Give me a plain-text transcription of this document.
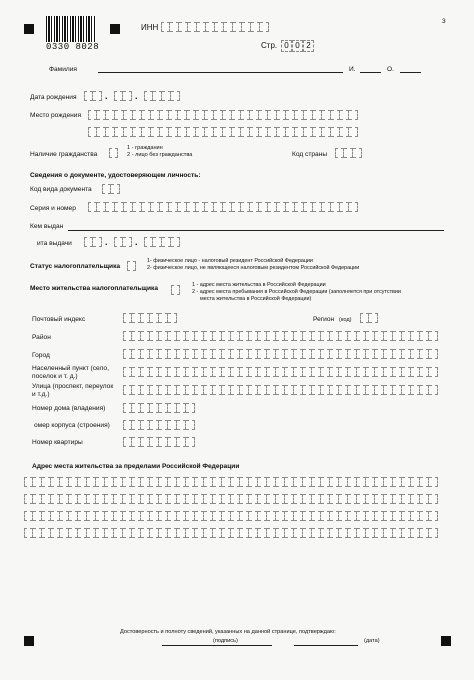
0330 8028
ИНН
3
Стр. 0 0 2
Фамилия	И.	О.
Дата рождения	.	.
Место рождения
Наличие гражданства
1 - гражданин
2 - лицо без гражданства	Код страны
Сведения о документе, удостоверяющем личность:
Код вида документа
Серия и номер
Кем выдан
ита выдачи	.	.
Статус налогоплательщика
1- физическое лицо - налоговый резидент Российской Федерации
2- физическое лицо, не являющееся налоговым резидентом Российской Федерации
Место жительства налогоплательщика	1 - адрес места жительства в Российской Федерации
2 - адрес места пребывания в Российской Федерации (заполняется при отсутствии
места жительства в Российской Федерации)
Почтовый индекс	Регион (код)
Район
Город
Населенный пункт (село,
поселок и т. д.)
Улица (проспект, переулок
и т.д.)
Номер дома (владения)
омер корпуса (строения)
Номер квартиры
Адрес места жительства за пределами Российской Федерации
Достоверность и полноту сведений, указанных на данной странице, подтверждаю:
(подпись)	(дата)
